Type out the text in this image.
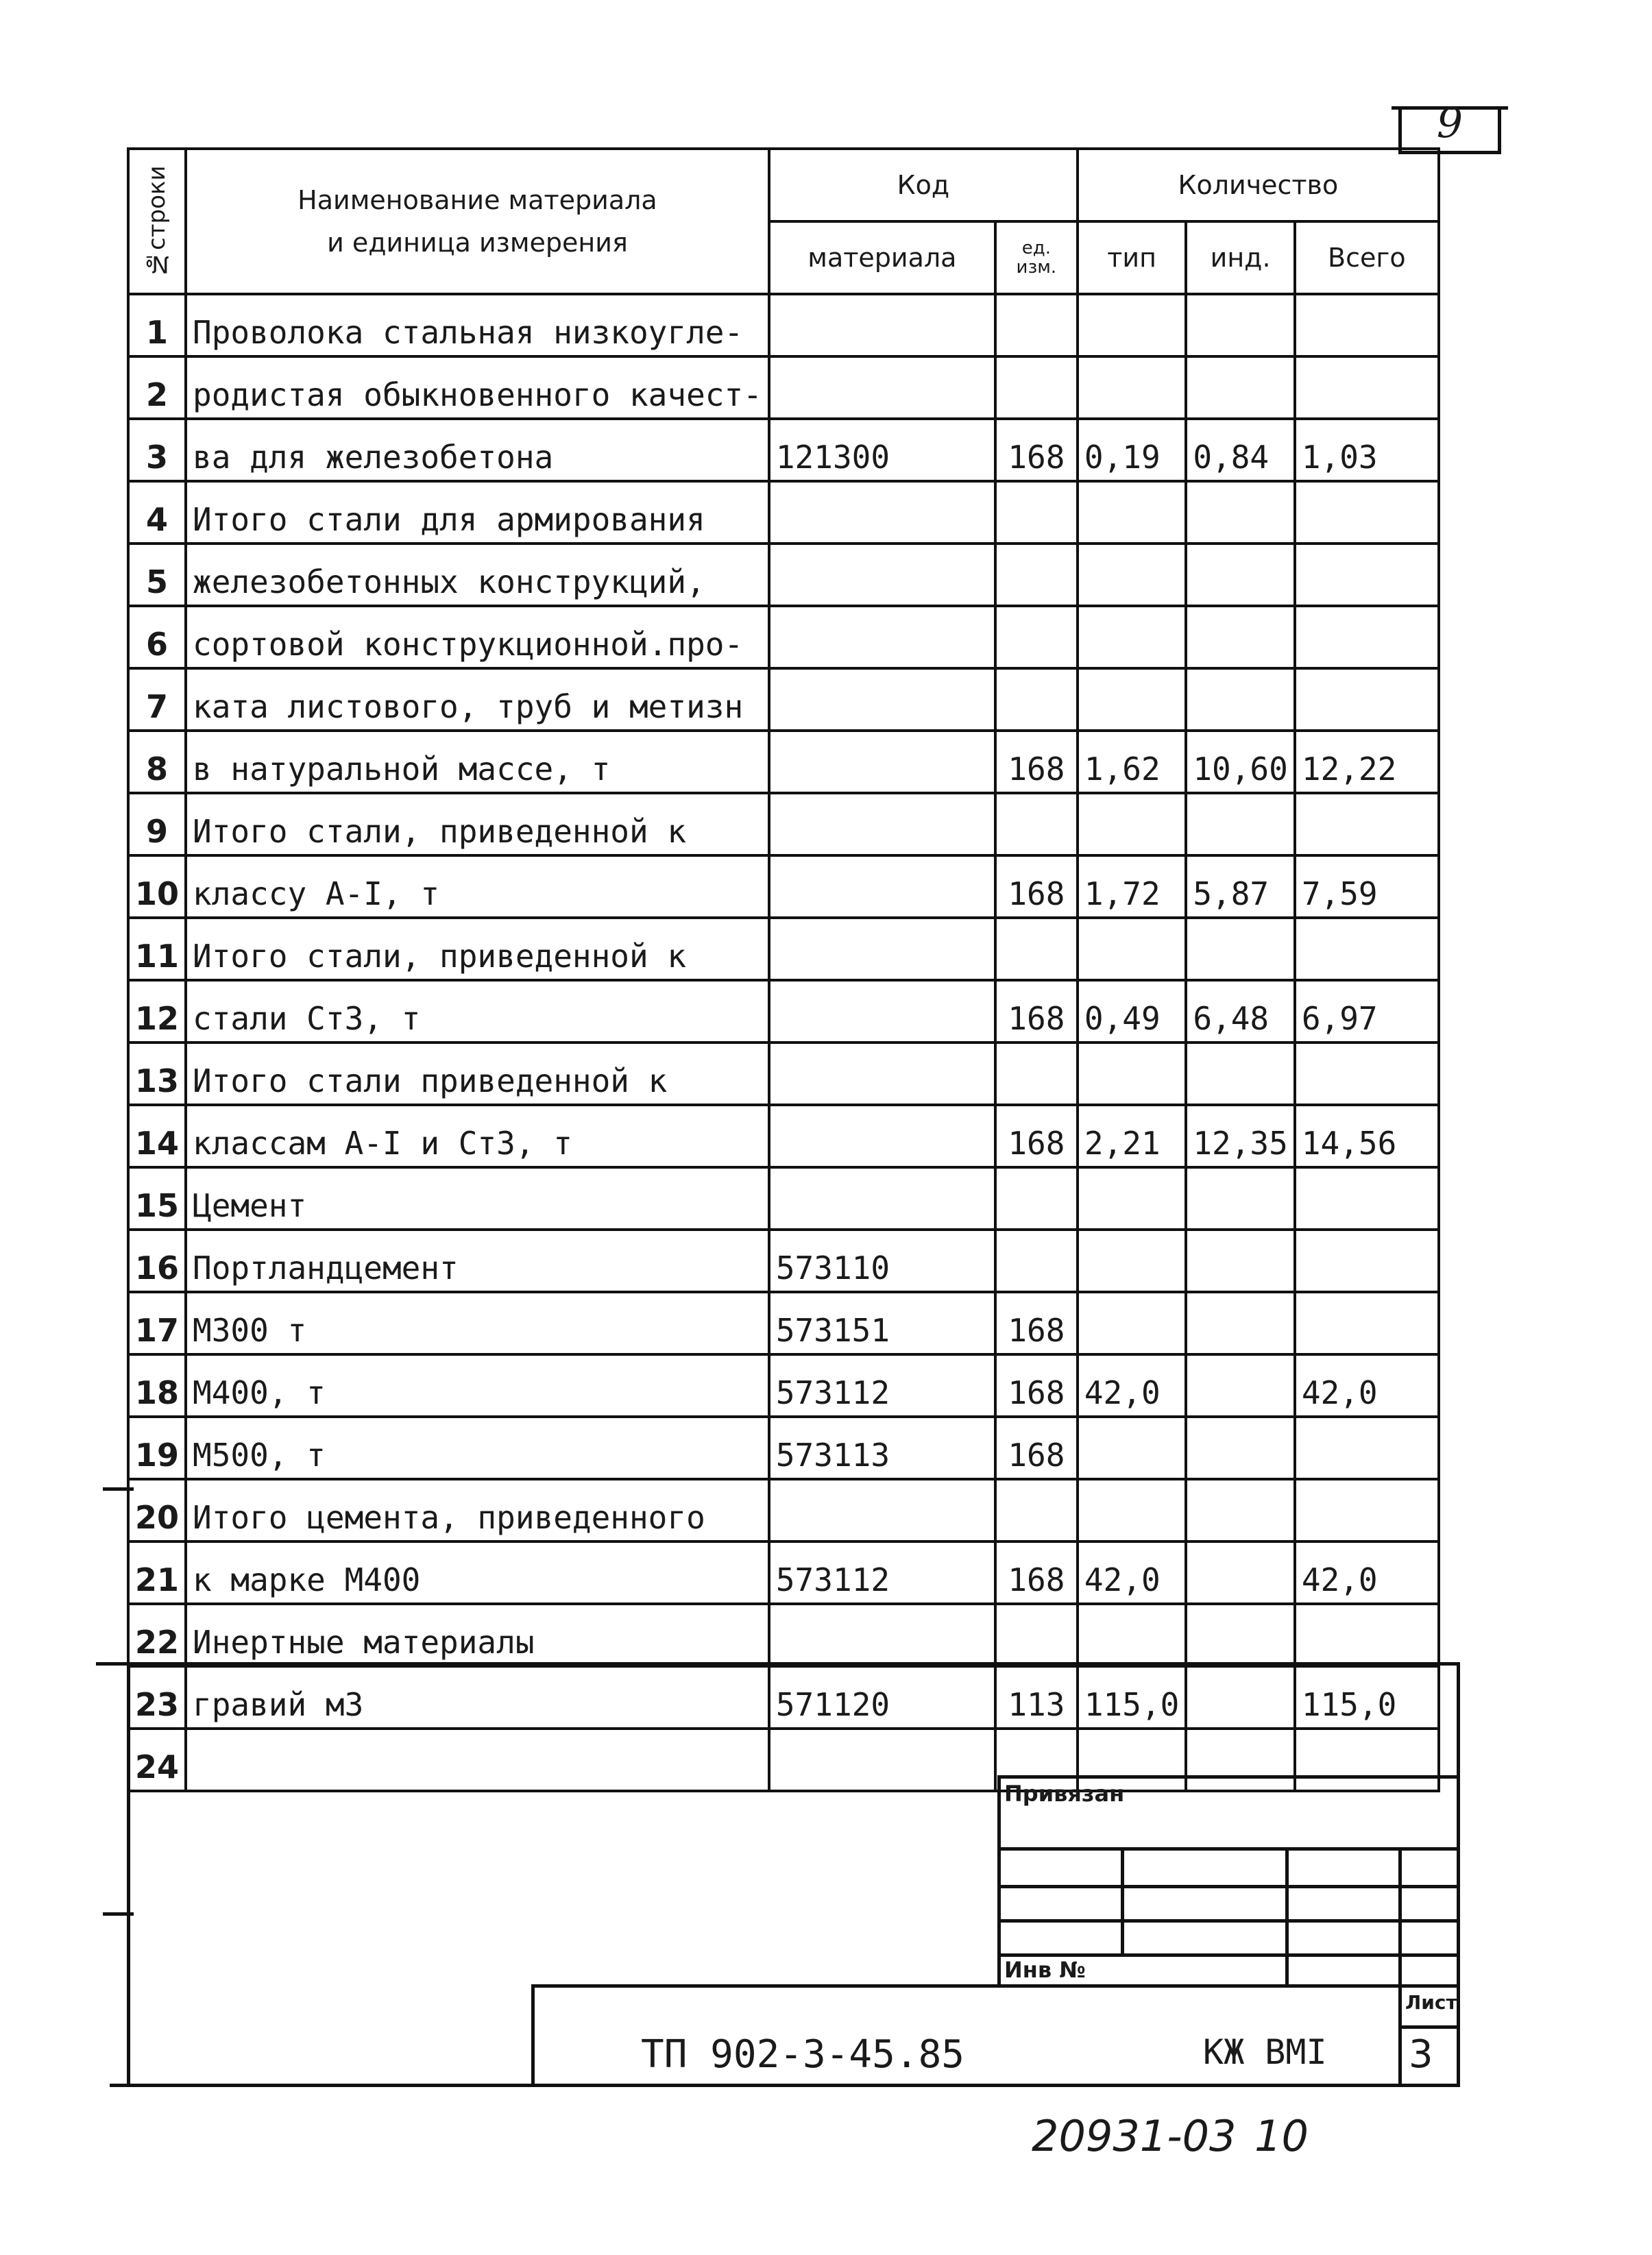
9
№строки	Наименование материала
и единица измерения	Код		Количество		
		материала	ед. изм.	тип	инд.	Всего
1	Проволока стальная низкоугле-					
2	родистая обыкновенного качест-					
3	ва для железобетона	121300	168	0,19	0,84	1,03
4	Итого стали для армирования					
5	железобетонных конструкций,					
6	сортовой конструкционной.про-					
7	ката листового, труб и метизн					
8	в натуральной массе, т		168	1,62	10,60	12,22
9	Итого стали, приведенной к					
10	классу А-I, т		168	1,72	5,87	7,59
11	Итого стали, приведенной к					
12	стали Ст3, т		168	0,49	6,48	6,97
13	Итого стали приведенной к					
14	классам А-I и Ст3, т		168	2,21	12,35	14,56
15	Цемент					
16	Портландцемент	573110				
17	М300 т	573151	168			
18	М400, т	573112	168	42,0		42,0
19	М500, т	573113	168			
20	Итого цемента, приведенного					
21	к марке М400	573112	168	42,0		42,0
22	Инертные материалы					
23	гравий м3	571120	113	115,0		115,0
24						
Привязан
Инв №
ТП 902-3-45.85	КЖ ВМI
Лист
3
20931-03 10
